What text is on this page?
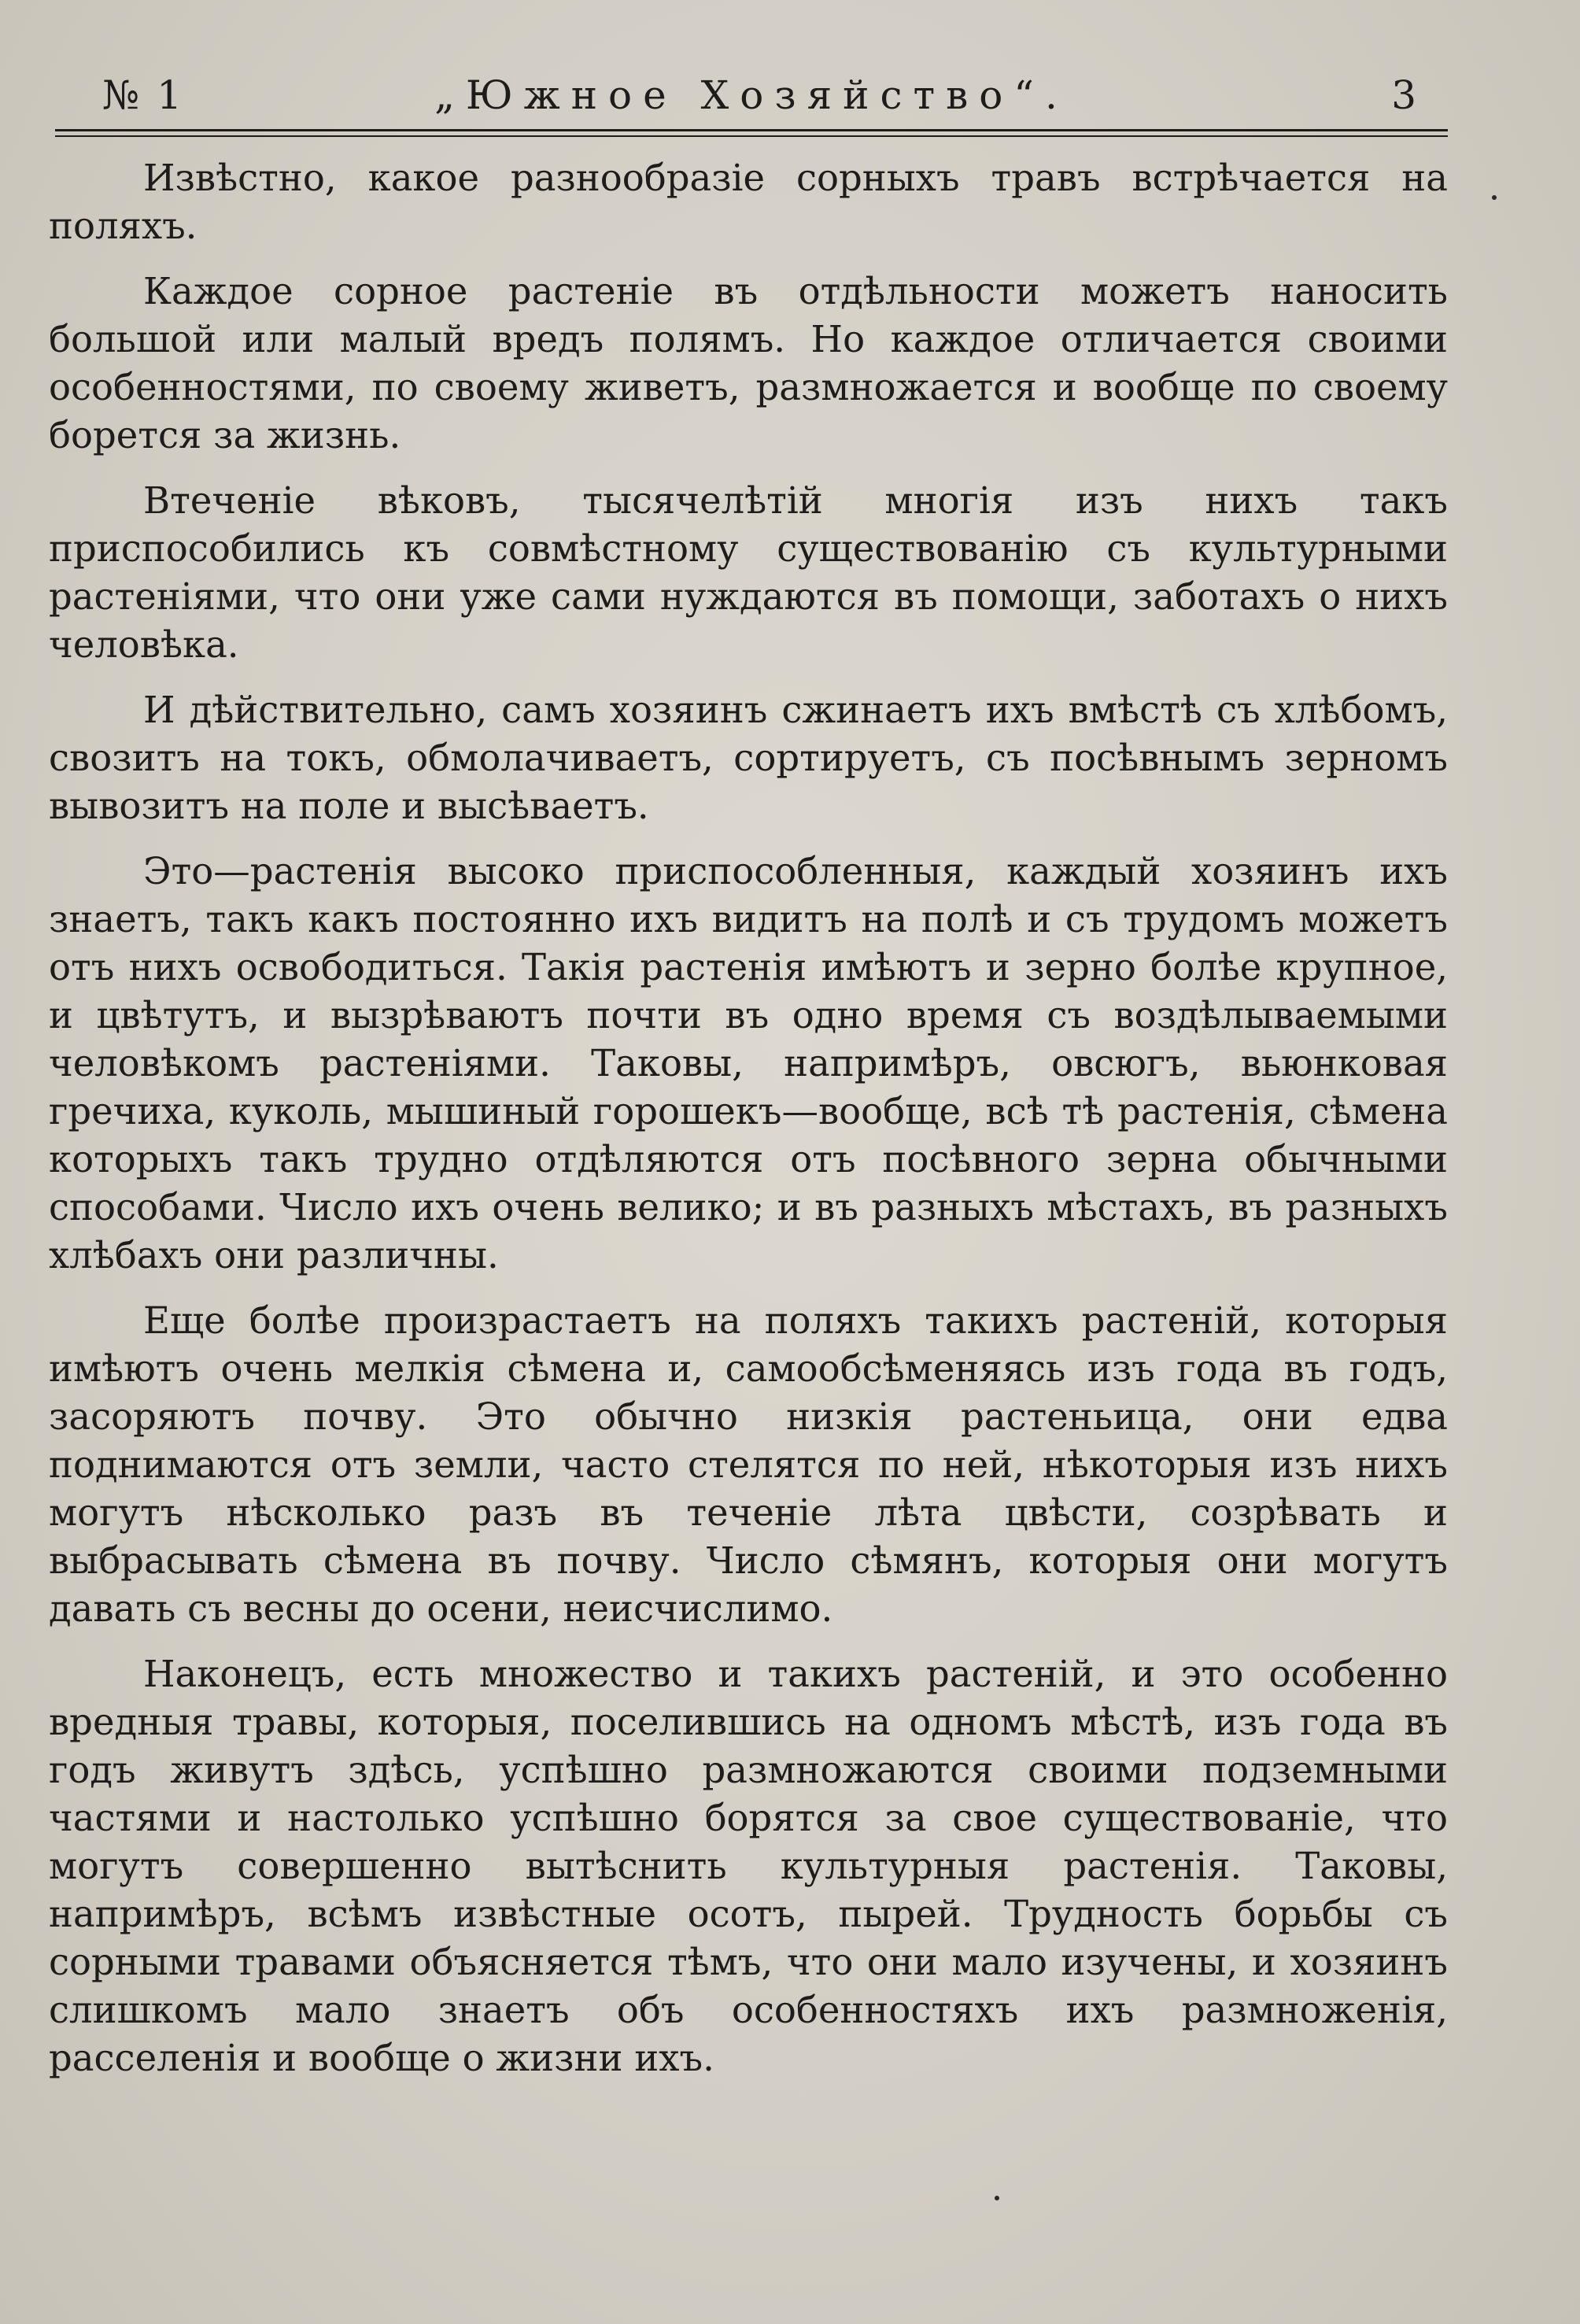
№ 1	„Южное Хозяйство“.	3

Извѣстно, какое разнообразіе сорныхъ травъ встрѣчается на поляхъ.

Каждое сорное растеніе въ отдѣльности можетъ наносить большой или малый вредъ полямъ. Но каждое отличается своими особенностями, по своему живетъ, размножается и вообще по своему борется за жизнь.

Втеченіе вѣковъ, тысячелѣтій многія изъ нихъ такъ приспособились къ совмѣстному существованію съ культурными растеніями, что они уже сами нуждаются въ помощи, заботахъ о нихъ человѣка.

И дѣйствительно, самъ хозяинъ сжинаетъ ихъ вмѣстѣ съ хлѣбомъ, свозитъ на токъ, обмолачиваетъ, сортируетъ, съ посѣвнымъ зерномъ вывозитъ на поле и высѣваетъ.

Это—растенія высоко приспособленныя, каждый хозяинъ ихъ знаетъ, такъ какъ постоянно ихъ видитъ на полѣ и съ трудомъ можетъ отъ нихъ освободиться. Такія растенія имѣютъ и зерно болѣе крупное, и цвѣтутъ, и вызрѣваютъ почти въ одно время съ воздѣлываемыми человѣкомъ растеніями. Таковы, напримѣръ, овсюгъ, вьюнковая гречиха, куколь, мышиный горошекъ—вообще, всѣ тѣ растенія, сѣмена которыхъ такъ трудно отдѣляются отъ посѣвного зерна обычными способами. Число ихъ очень велико; и въ разныхъ мѣстахъ, въ разныхъ хлѣбахъ они различны.

Еще болѣе произрастаетъ на поляхъ такихъ растеній, которыя имѣютъ очень мелкія сѣмена и, самообсѣменяясь изъ года въ годъ, засоряютъ почву. Это обычно низкія растеньица, они едва поднимаются отъ земли, часто стелятся по ней, нѣкоторыя изъ нихъ могутъ нѣсколько разъ въ теченіе лѣта цвѣсти, созрѣвать и выбрасывать сѣмена въ почву. Число сѣмянъ, которыя они могутъ давать съ весны до осени, неисчислимо.

Наконецъ, есть множество и такихъ растеній, и это особенно вредныя травы, которыя, поселившись на одномъ мѣстѣ, изъ года въ годъ живутъ здѣсь, успѣшно размножаются своими подземными частями и настолько успѣшно борятся за свое существованіе, что могутъ совершенно вытѣснить культурныя растенія. Таковы, напримѣръ, всѣмъ извѣстные осотъ, пырей. Трудность борьбы съ сорными травами объясняется тѣмъ, что они мало изучены, и хозяинъ слишкомъ мало знаетъ объ особенностяхъ ихъ размноженія, расселенія и вообще о жизни ихъ.
